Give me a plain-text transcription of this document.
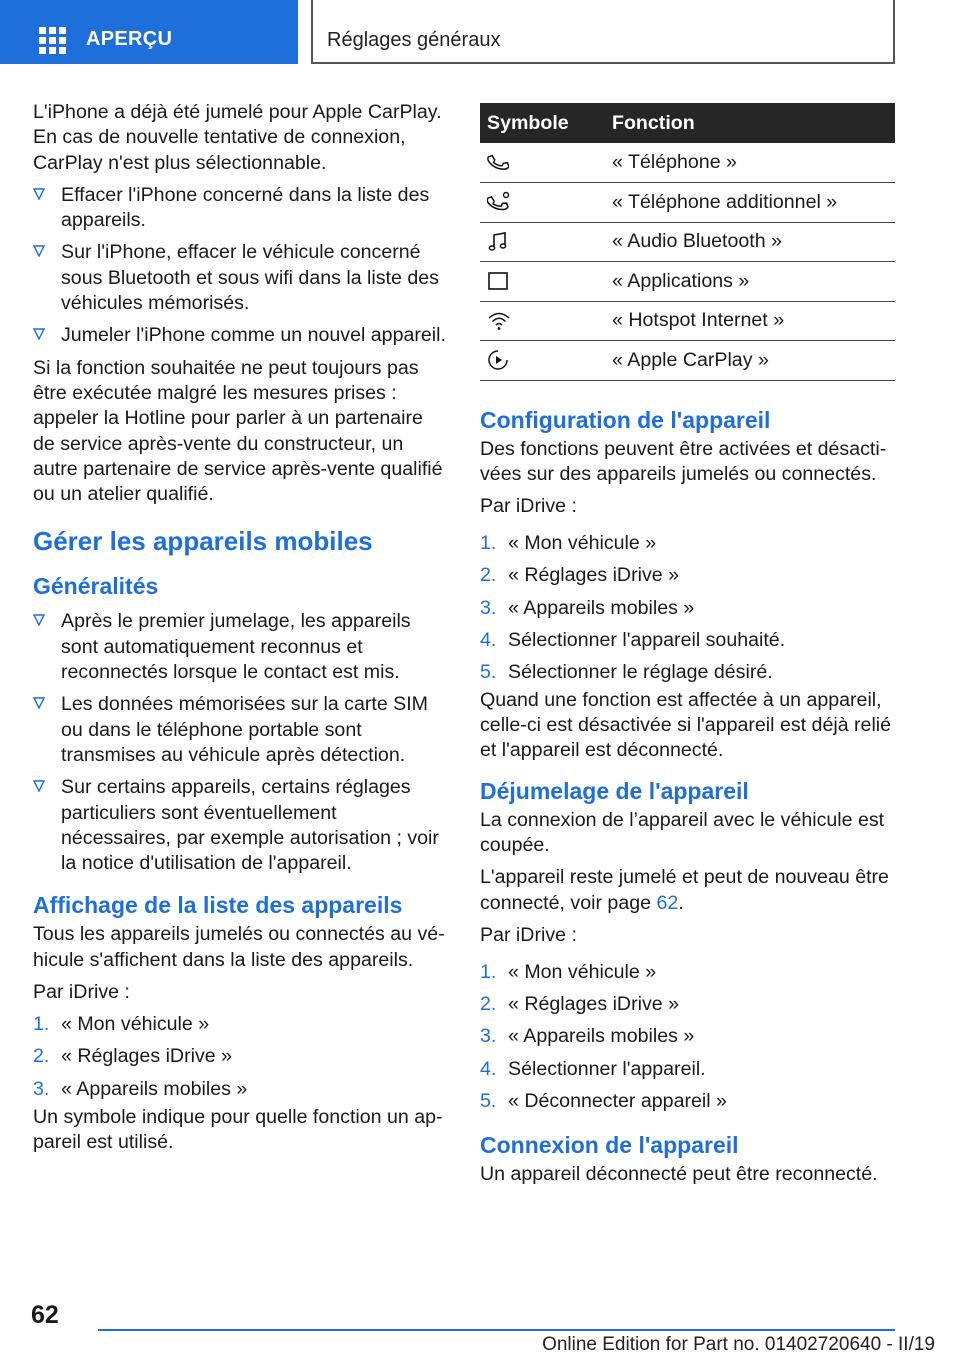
APERÇU	Réglages généraux

L'iPhone a déjà été jumelé pour Apple CarPlay. En cas de nouvelle tentative de connexion, CarPlay n'est plus sélectionnable.

Effacer l'iPhone concerné dans la liste des appareils.
Sur l'iPhone, effacer le véhicule concerné sous Bluetooth et sous wifi dans la liste des véhicules mémorisés.
Jumeler l'iPhone comme un nouvel appareil.

Si la fonction souhaitée ne peut toujours pas être exécutée malgré les mesures prises : appeler la Hotline pour parler à un partenaire de service après-vente du constructeur, un autre partenaire de service après-vente qualifié ou un atelier qualifié.

Gérer les appareils mobiles
Généralités
Après le premier jumelage, les appareils sont automatiquement reconnus et reconnectés lorsque le contact est mis.
Les données mémorisées sur la carte SIM ou dans le téléphone portable sont transmises au véhicule après détection.
Sur certains appareils, certains réglages particuliers sont éventuellement nécessaires, par exemple autorisation ; voir la notice d'utilisation de l'appareil.
Affichage de la liste des appareils

Tous les appareils jumelés ou connectés au véhicule s'affichent dans la liste des appareils.

Par iDrive :

1. « Mon véhicule »
2. « Réglages iDrive »
3. « Appareils mobiles »

Un symbole indique pour quelle fonction un appareil est utilisé.

Symbole	Fonction

	« Téléphone »

	« Téléphone additionnel »

	« Audio Bluetooth »

	« Applications »

	« Hotspot Internet »

	« Apple CarPlay »
Configuration de l'appareil

Des fonctions peuvent être activées et désactivées sur des appareils jumelés ou connectés.

Par iDrive :

1. « Mon véhicule »
2. « Réglages iDrive »
3. « Appareils mobiles »
4. Sélectionner l'appareil souhaité.
5. Sélectionner le réglage désiré.

Quand une fonction est affectée à un appareil, celle-ci est désactivée si l'appareil est déjà relié et l'appareil est déconnecté.

Déjumelage de l'appareil

La connexion de l’appareil avec le véhicule est coupée.

L'appareil reste jumelé et peut de nouveau être connecté, voir page 62.

Par iDrive :

1. « Mon véhicule »
2. « Réglages iDrive »
3. « Appareils mobiles »
4. Sélectionner l'appareil.
5. « Déconnecter appareil »
Connexion de l'appareil

Un appareil déconnecté peut être reconnecté.

62
Online Edition for Part no. 01402720640 - II/19
